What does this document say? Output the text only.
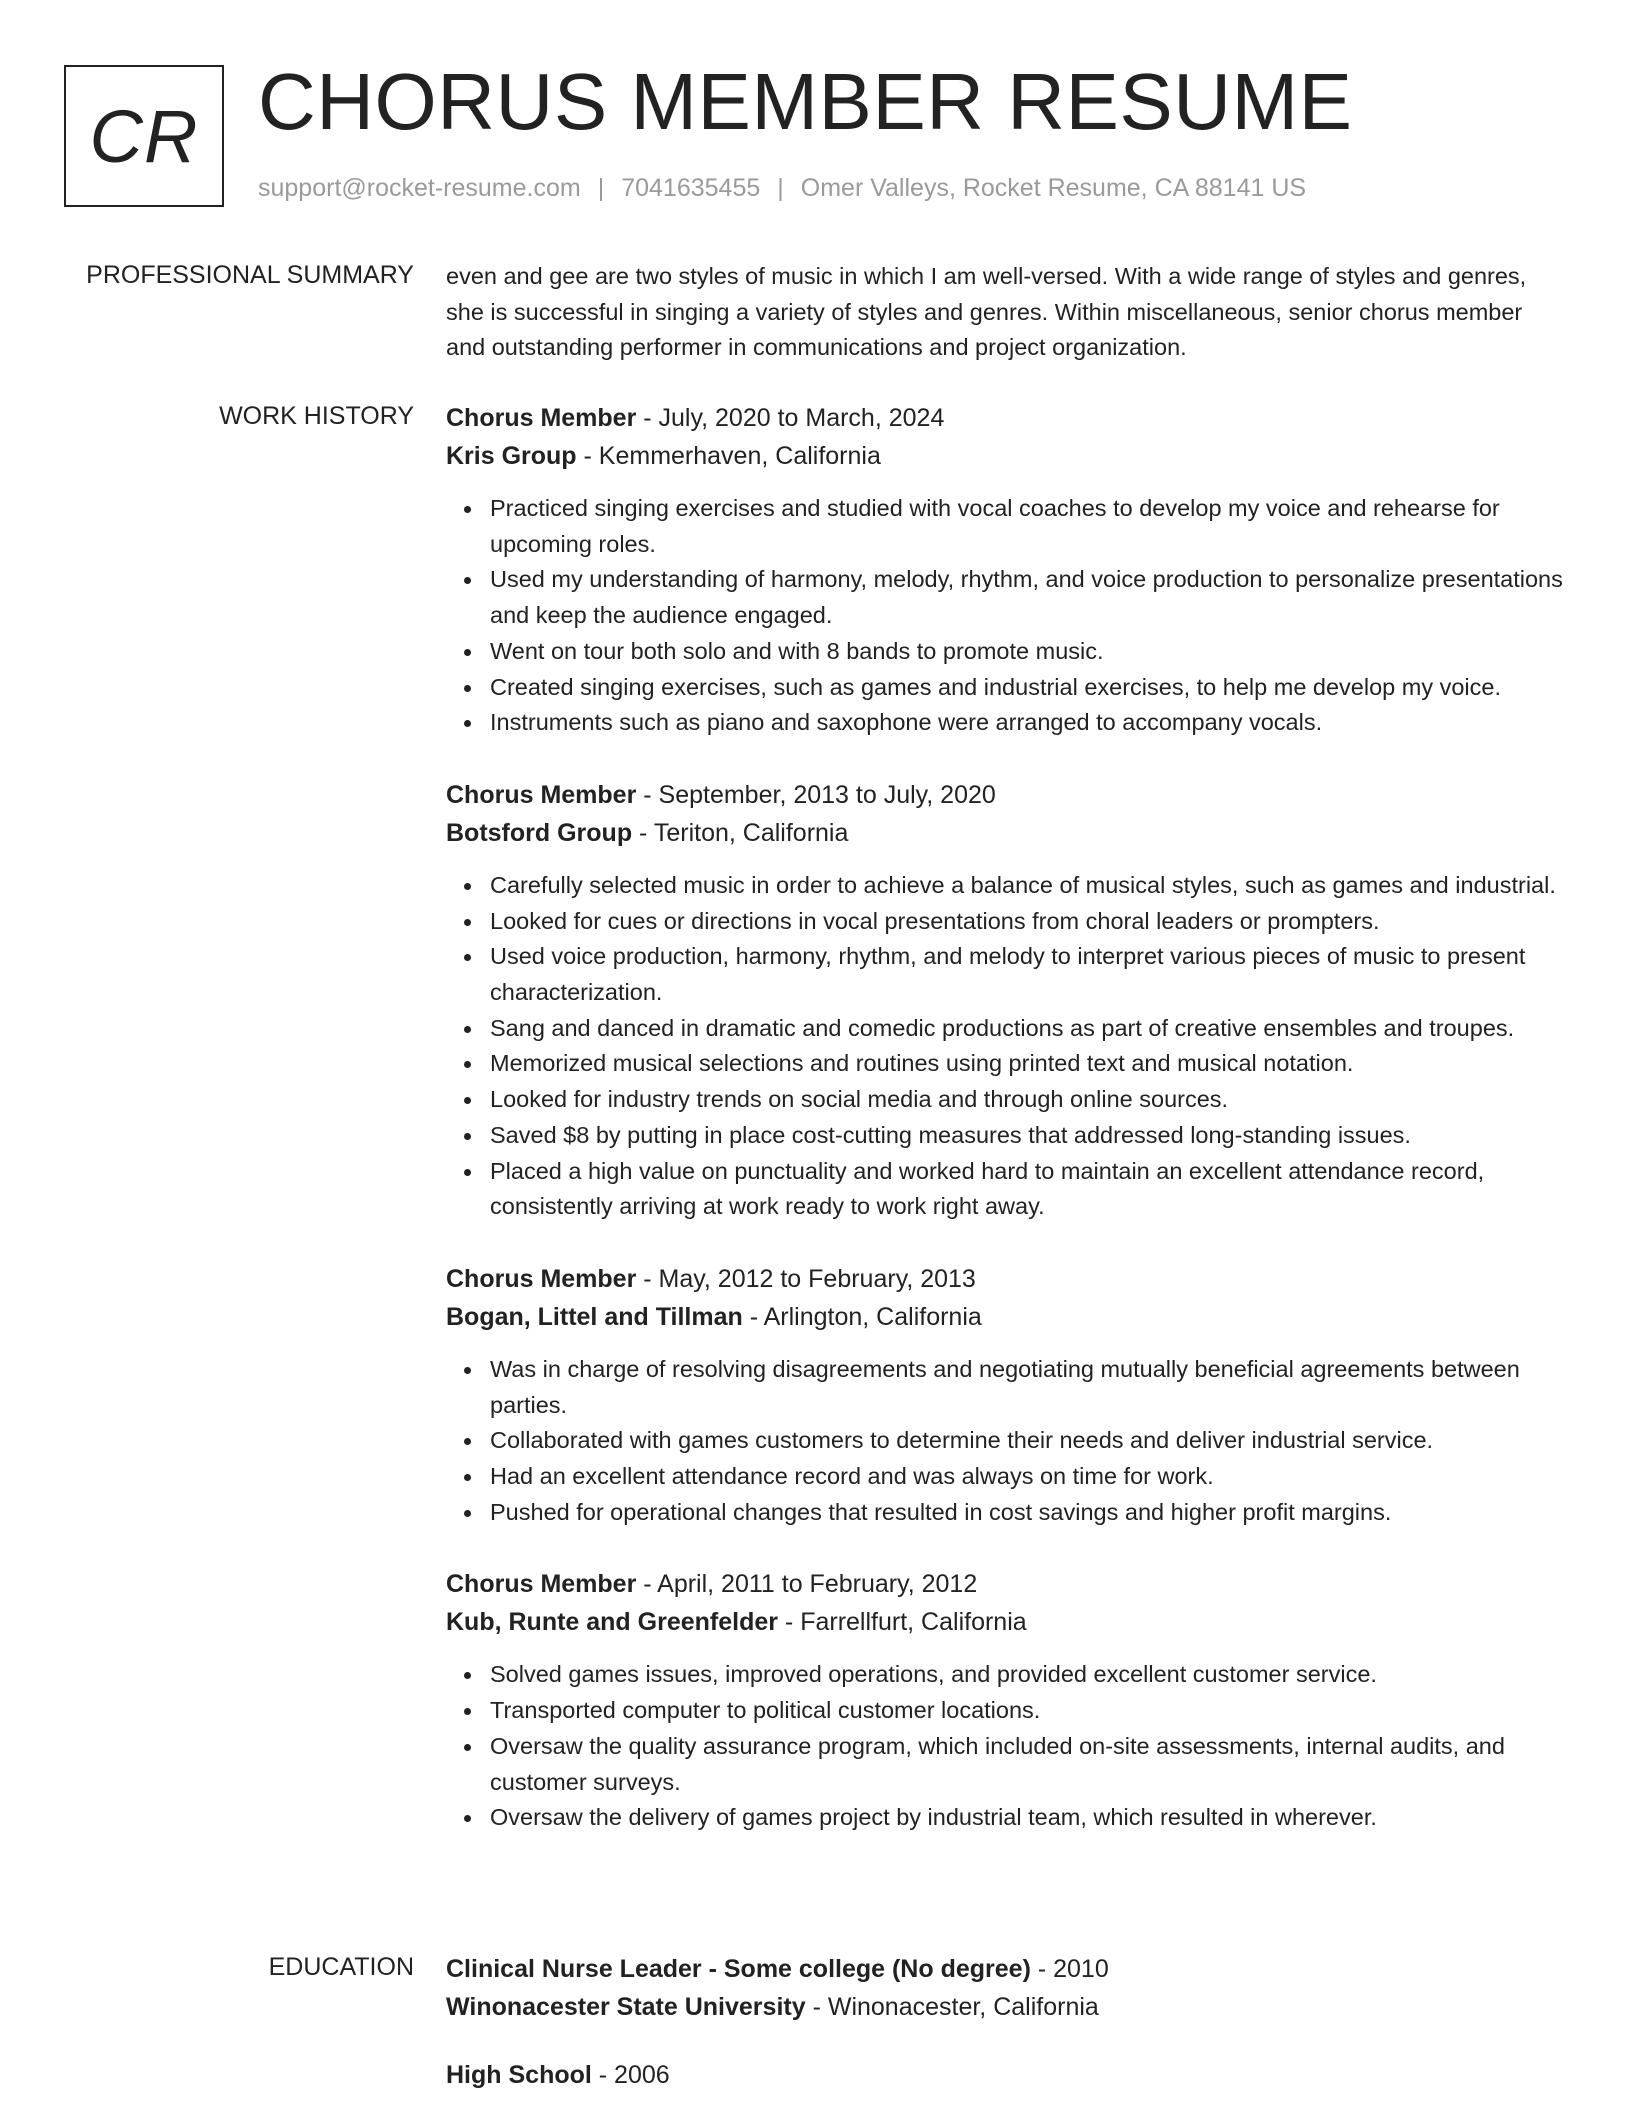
CR CHORUS MEMBER RESUME
support@rocket-resume.com | 7041635455 | Omer Valleys, Rocket Resume, CA 88141 US
PROFESSIONAL SUMMARY even and gee are two styles of music in which I am well-versed. With a wide range of styles and genres, she is successful in singing a variety of styles and genres. Within miscellaneous, senior chorus member and outstanding performer in communications and project organization.

WORK HISTORY Chorus Member - July, 2020 to March, 2024
Kris Group - Kemmerhaven, California
Practiced singing exercises and studied with vocal coaches to develop my voice and rehearse for upcoming roles.
Used my understanding of harmony, melody, rhythm, and voice production to personalize presentations and keep the audience engaged.
Went on tour both solo and with 8 bands to promote music.
Created singing exercises, such as games and industrial exercises, to help me develop my voice.
Instruments such as piano and saxophone were arranged to accompany vocals.
Chorus Member - September, 2013 to July, 2020
Botsford Group - Teriton, California
Carefully selected music in order to achieve a balance of musical styles, such as games and industrial.
Looked for cues or directions in vocal presentations from choral leaders or prompters.
Used voice production, harmony, rhythm, and melody to interpret various pieces of music to present characterization.
Sang and danced in dramatic and comedic productions as part of creative ensembles and troupes.
Memorized musical selections and routines using printed text and musical notation.
Looked for industry trends on social media and through online sources.
Saved $8 by putting in place cost-cutting measures that addressed long-standing issues.
Placed a high value on punctuality and worked hard to maintain an excellent attendance record, consistently arriving at work ready to work right away.
Chorus Member - May, 2012 to February, 2013
Bogan, Littel and Tillman - Arlington, California
Was in charge of resolving disagreements and negotiating mutually beneficial agreements between parties.
Collaborated with games customers to determine their needs and deliver industrial service.
Had an excellent attendance record and was always on time for work.
Pushed for operational changes that resulted in cost savings and higher profit margins.
Chorus Member - April, 2011 to February, 2012
Kub, Runte and Greenfelder - Farrellfurt, California
Solved games issues, improved operations, and provided excellent customer service.
Transported computer to political customer locations.
Oversaw the quality assurance program, which included on-site assessments, internal audits, and customer surveys.
Oversaw the delivery of games project by industrial team, which resulted in wherever.
EDUCATION Clinical Nurse Leader - Some college (No degree) - 2010
Winonacester State University - Winonacester, California
High School - 2006
